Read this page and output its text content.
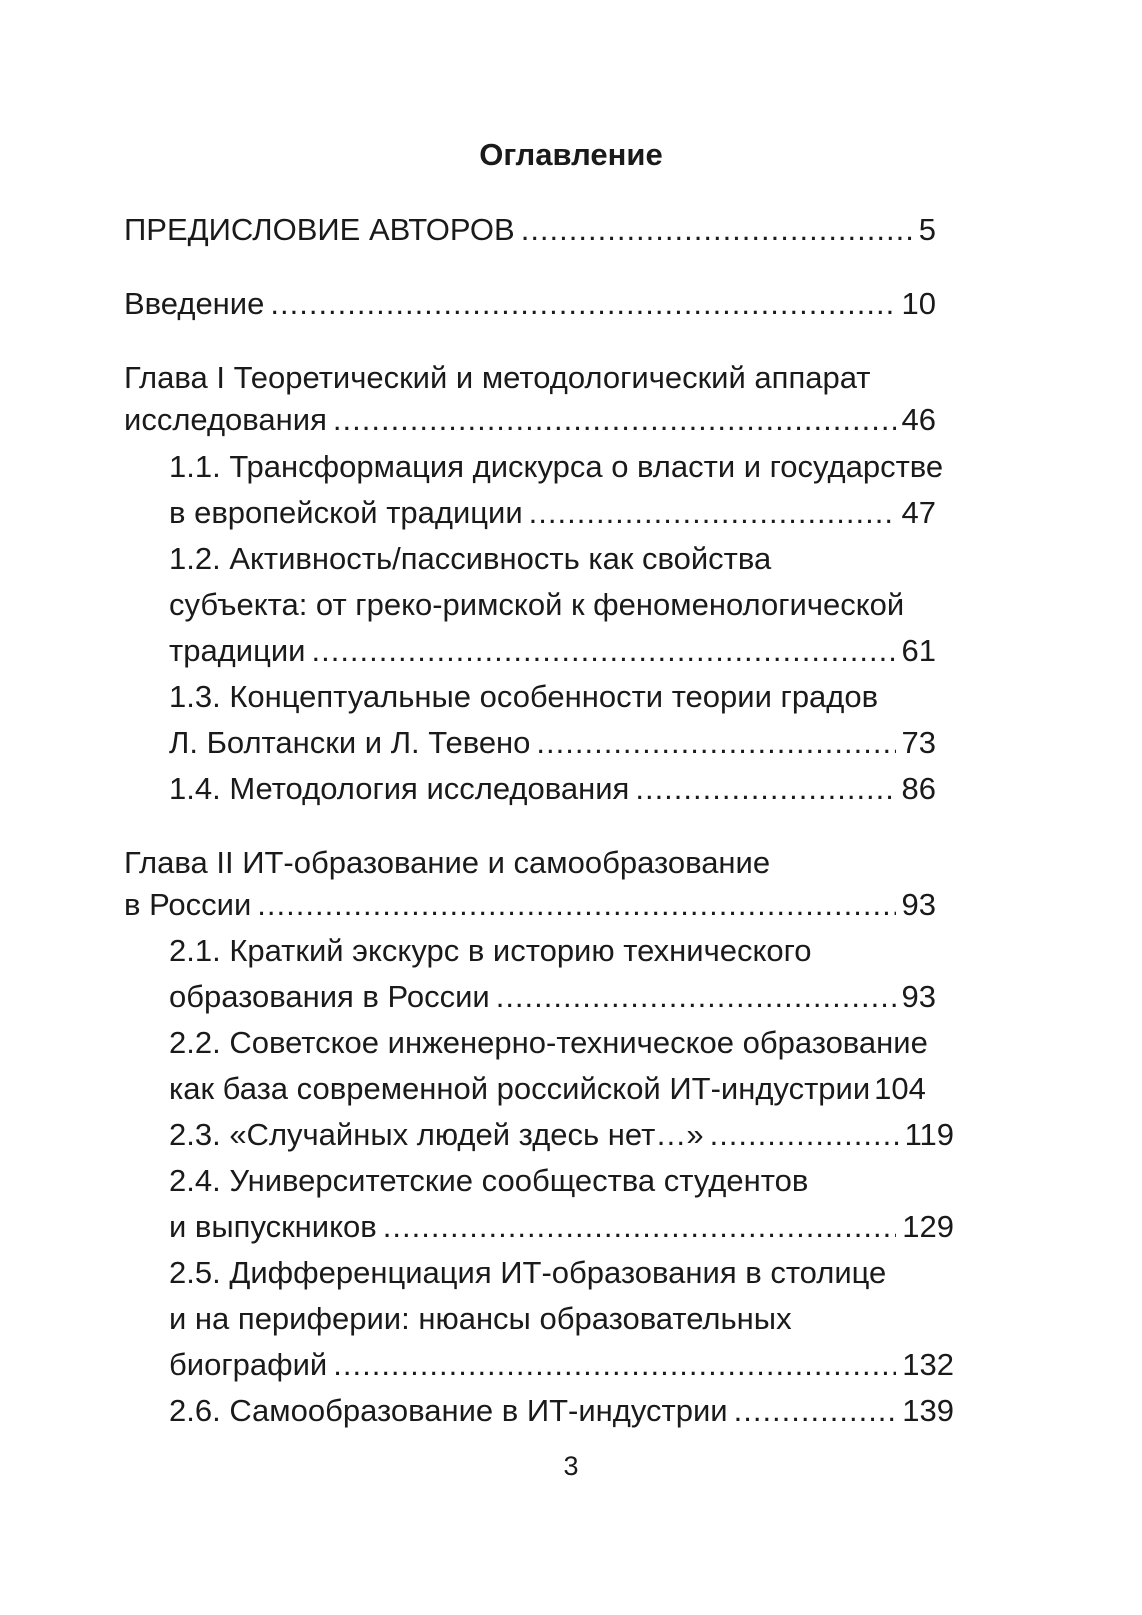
Оглавление
ПРЕДИСЛОВИЕ АВТОРОВ .....	5
Введение .....	10
Глава I Теоретический и методологический аппарат
исследования .....	46
1.1. Трансформация дискурса о власти и государстве
в европейской традиции .....	47
1.2. Активность/пассивность как свойства
субъекта: от греко-римской к феноменологической
традиции .....	61
1.3. Концептуальные особенности теории градов
Л. Болтански и Л. Тевено .....	73
1.4. Методология исследования .....	86
Глава II ИТ-образование и самообразование
в России .....	93
2.1. Краткий экскурс в историю технического
образования в России .....	93
2.2. Советское инженерно-техническое образование
как база современной российской ИТ-индустрии 104
2.3. «Случайных людей здесь нет…» .....	119
2.4. Университетские сообщества студентов
и выпускников .....	129
2.5. Дифференциация ИТ-образования в столице
и на периферии: нюансы образовательных
биографий .....	132
2.6. Самообразование в ИТ-индустрии .....	139
3
